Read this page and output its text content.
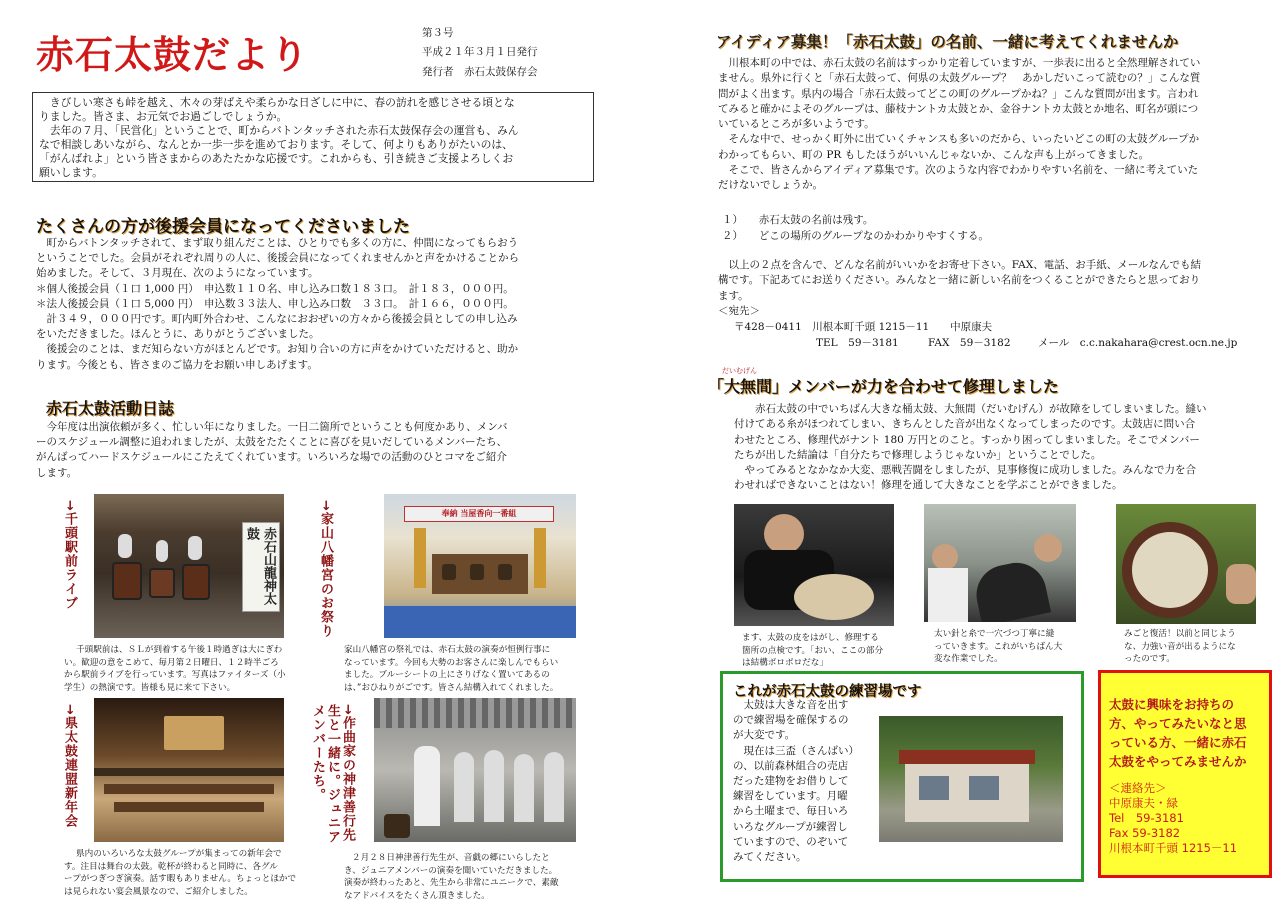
赤石太鼓だより	第３号
平成２１年３月１日発行
発行者　赤石太鼓保存会
　きびしい寒さも峠を越え、木々の芽ばえや柔らかな日ざしに中に、春の訪れを感じさせる頃とな
りました。皆さま、お元気でお過ごしでしょうか。
　去年の７月、「民営化」ということで、町からバトンタッチされた赤石太鼓保存会の運営も、みん
なで相談しあいながら、なんとか一歩一歩を進めております。そして、何よりもありがたいのは、
「がんばれよ」という皆さまからのあたたかな応援です。これからも、引き続きご支援よろしくお
願いします。
たくさんの方が後援会員になってくださいました
　町からバトンタッチされて、まず取り組んだことは、ひとりでも多くの方に、仲間になってもらおう
ということでした。会員がそれぞれ周りの人に、後援会員になってくれませんかと声をかけることから
始めました。そして、３月現在、次のようになっています。
＊個人後援会員（１口 1,000 円）　申込数１１０名、申し込み口数１８３口。　計１８３，０００円。
＊法人後援会員（１口 5,000 円）　申込数３３法人、申し込み口数　３３口。　計１６６，０００円。
　計３４９，０００円です。町内町外合わせ、こんなにおおぜいの方々から後援会員としての申し込み
をいただきました。ほんとうに、ありがとうございました。
　後援会のことは、まだ知らない方がほとんどです。お知り合いの方に声をかけていただけると、助か
ります。今後とも、皆さまのご協力をお願い申しあげます。
赤石太鼓活動日誌
　今年度は出演依頼が多く、忙しい年になりました。一日二箇所でということも何度かあり、メンバ
ーのスケジュール調整に追われましたが、太鼓をたたくことに喜びを見いだしているメンバーたち、
がんばってハードスケジュールにこたえてくれています。いろいろな場での活動のひとコマをご紹介
します。
→千頭駅前ライブ	赤石山龍神太鼓
千頭駅前は、ＳＬが到着する午後１時過ぎは大にぎわ
い。歓迎の意をこめて、毎月第２日曜日、１２時半ごろ
から駅前ライブを行っています。写真はファイターズ（小
学生）の熱演です。皆様も見に来て下さい。
→家山八幡宮のお祭り	奉納 当屋香向一番組
家山八幡宮の祭礼では、赤石太鼓の演奏が恒例行事に
なっています。今回も大勢のお客さんに楽しんでもらい
ました。ブルーシートの上にさりげなく置いてあるの
は、”おひねりがごです。皆さん結構入れてくれました。
→県太鼓連盟新年会
県内のいろいろな太鼓グループが集まっての新年会で
す。注目は舞台の太鼓。乾杯が終わると同時に、各グル
ープがつぎつぎ演奏。話す暇もありません。ちょっとほかで
は見られない宴会風景なので、ご紹介しました。
→作曲家の神津善行先生と一緒に。ジュニアメンバーたち。
２月２８日神津善行先生が、音戯の郷にいらしたと
き、ジュニアメンバーの演奏を聞いていただきました。
演奏が終わったあと、先生から非常にユニークで、素敵
なアドバイスをたくさん頂きました。
アイディア募集！「赤石太鼓」の名前、一緒に考えてくれませんか
　川根本町の中では、赤石太鼓の名前はすっかり定着していますが、一歩表に出ると全然理解されてい
ません。県外に行くと「赤石太鼓って、何県の太鼓グループ？　あかしだいこって読むの？」こんな質
問がよく出ます。県内の場合「赤石太鼓ってどこの町のグループかね？」こんな質問が出ます。言われ
てみると確かによそのグループは、藤枝ナントカ太鼓とか、金谷ナントカ太鼓とか地名、町名が頭につ
いているところが多いようです。
　そんな中で、せっかく町外に出ていくチャンスも多いのだから、いったいどこの町の太鼓グループか
わかってもらい、町の PR もしたほうがいいんじゃないか、こんな声も上がってきました。
　そこで、皆さんからアイディア募集です。次のような内容でわかりやすい名前を、一緒に考えていた
だけないでしょうか。
１）　　赤石太鼓の名前は残す。
２）　　どこの場所のグループなのかわかりやすくする。
　以上の２点を含んで、どんな名前がいいかをお寄せ下さい。FAX、電話、お手紙、メールなんでも結
構です。下記あてにお送りください。みんなと一緒に新しい名前をつくることができたらと思っており
ます。
＜宛先＞
〒428－0411　川根本町千頭 1215－11　　中原康夫
TEL　59－3181	FAX　59－3182	メール　c.c.nakahara@crest.ocn.ne.jp
だいむげん
「大無間」メンバーが力を合わせて修理しました
　　赤石太鼓の中でいちばん大きな桶太鼓、大無間（だいむげん）が故障をしてしまいました。縫い
付けてある糸がほつれてしまい、きちんとした音が出なくなってしまったのです。太鼓店に問い合
わせたところ、修理代がナント 180 万円とのこと。すっかり困ってしまいました。そこでメンバー
たちが出した結論は「自分たちで修理しようじゃないか」ということでした。
　やってみるとなかなか大変、悪戦苦闘をしましたが、見事修復に成功しました。みんなで力を合
わせればできないことはない！修理を通して大きなことを学ぶことができました。
ます、太鼓の皮をはがし、修理する
箇所の点検です。「おい、ここの部分
は結構ボロボロだな」
太い針と糸で一穴づつ丁寧に縫
っていきます。これがいちばん大
変な作業でした。
みごと復活！以前と同じよう
な、力強い音が出るようにな
ったのです。
これが赤石太鼓の練習場です
　太鼓は大きな音を出す
ので練習場を確保するの
が大変です。
　現在は三盃（さんばい）
の、以前森林組合の売店
だった建物をお借りして
練習をしています。月曜
から土曜まで、毎日いろ
いろなグループが練習し
ていますので、のぞいて
みてください。
太鼓に興味をお持ちの
方、やってみたいなと思
っている方、一緒に赤石
太鼓をやってみませんか
＜連絡先＞
中原康夫・緑
Tel　59-3181
Fax 59-3182
川根本町千頭 1215－11
